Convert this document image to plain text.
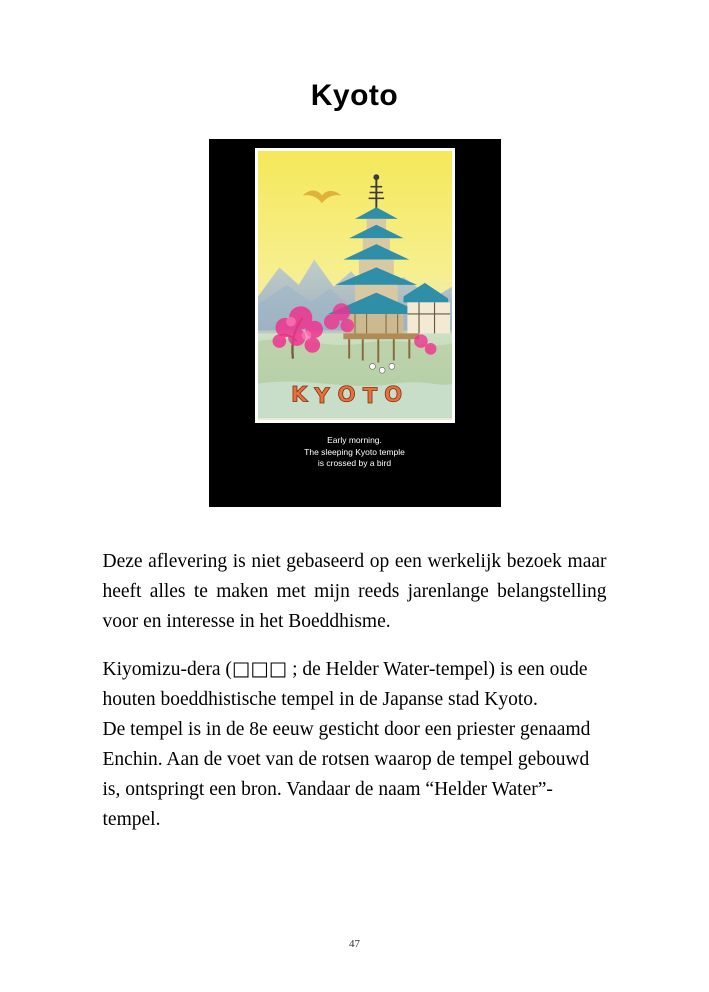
Kyoto
K Y O T O
Early morning.
The sleeping Kyoto temple
is crossed by a bird

Deze aflevering is niet gebaseerd op een werkelijk bezoek maar heeft alles te maken met mijn reeds jarenlange belangstelling voor en interesse in het Boeddhisme.

Kiyomizu-dera (□□□ ; de Helder Water-tempel) is een oude houten boeddhistische tempel in de Japanse stad Kyoto.

De tempel is in de 8e eeuw gesticht door een priester genaamd Enchin. Aan de voet van de rotsen waarop de tempel gebouwd is, ontspringt een bron. Vandaar de naam “Helder Water”-tempel.

47
